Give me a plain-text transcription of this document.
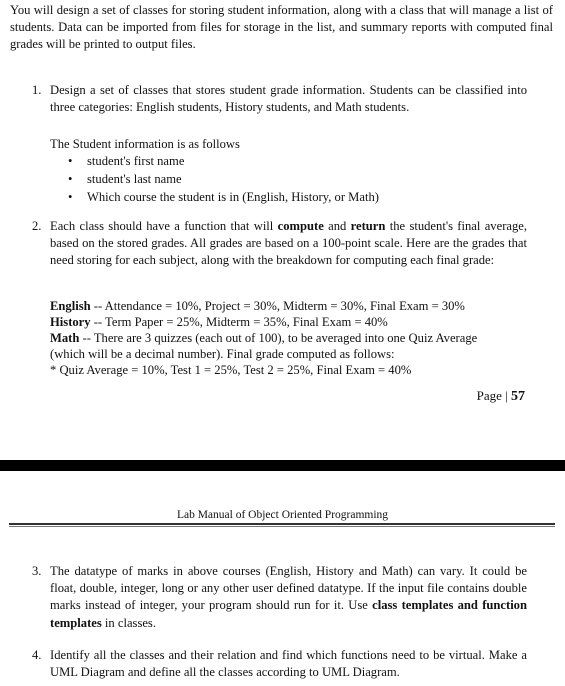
You will design a set of classes for storing student information, along with a class that will manage a list of students. Data can be imported from files for storage in the list, and summary reports with computed final grades will be printed to output files.
1. Design a set of classes that stores student grade information. Students can be classified into three categories: English students, History students, and Math students.
The Student information is as follows
• student's first name
• student's last name
• Which course the student is in (English, History, or Math)
2. Each class should have a function that will compute and return the student's final average, based on the stored grades. All grades are based on a 100-point scale. Here are the grades that need storing for each subject, along with the breakdown for computing each final grade:
English -- Attendance = 10%, Project = 30%, Midterm = 30%, Final Exam = 30%
History -- Term Paper = 25%, Midterm = 35%, Final Exam = 40%
Math -- There are 3 quizzes (each out of 100), to be averaged into one Quiz Average
(which will be a decimal number). Final grade computed as follows:
* Quiz Average = 10%, Test 1 = 25%, Test 2 = 25%, Final Exam = 40%
Page | 57
Lab Manual of Object Oriented Programming
3. The datatype of marks in above courses (English, History and Math) can vary. It could be float, double, integer, long or any other user defined datatype. If the input file contains double marks instead of integer, your program should run for it. Use class templates and function templates in classes.
4. Identify all the classes and their relation and find which functions need to be virtual. Make a UML Diagram and define all the classes according to UML Diagram.
